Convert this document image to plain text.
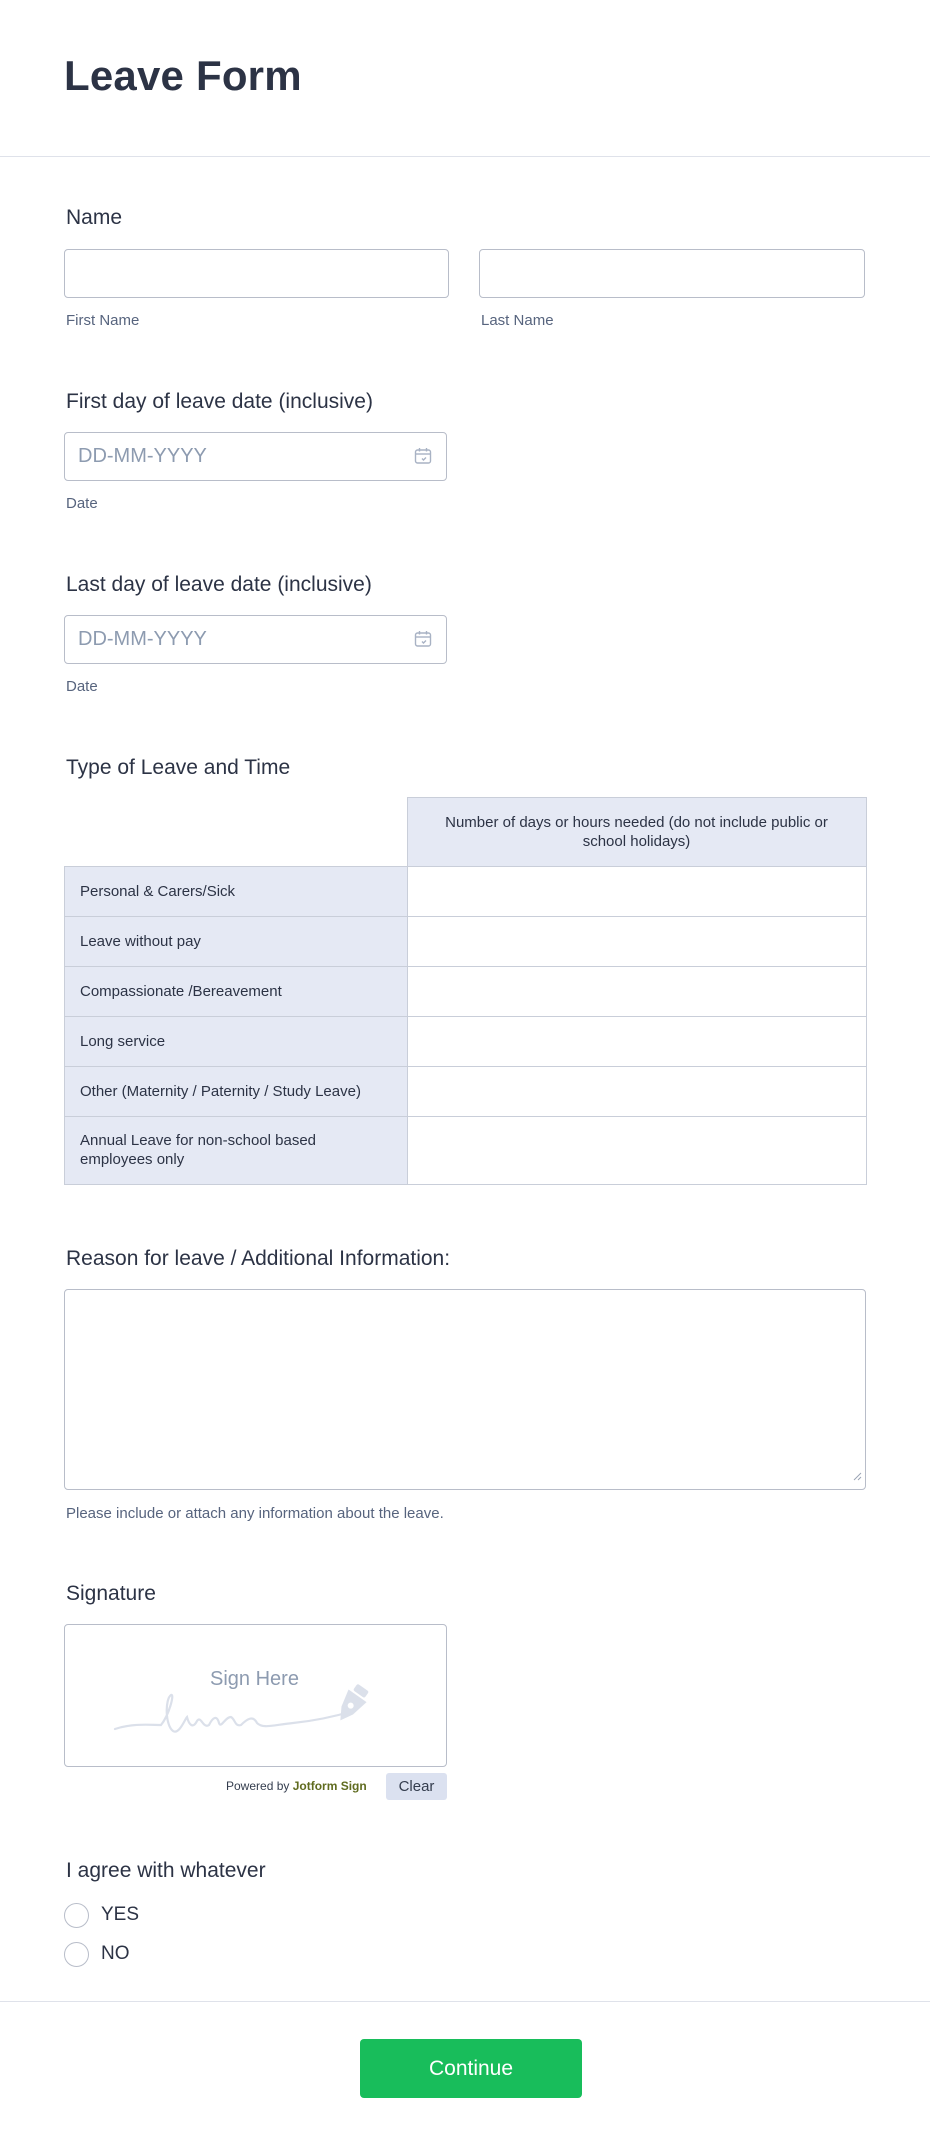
Leave Form
Name
First Name	Last Name
First day of leave date (inclusive)
DD-MM-YYYY
Date
Last day of leave date (inclusive)
DD-MM-YYYY
Date
Type of Leave and Time
	Number of days or hours needed (do not include public or school holidays)
Personal & Carers/Sick	
Leave without pay	
Compassionate /Bereavement	
Long service	
Other (Maternity / Paternity / Study Leave)	
Annual Leave for non-school based employees only	
Reason for leave / Additional Information:
Please include or attach any information about the leave.
Signature
Sign Here
Powered by Jotform Sign	Clear
I agree with whatever
YES
NO
Continue
